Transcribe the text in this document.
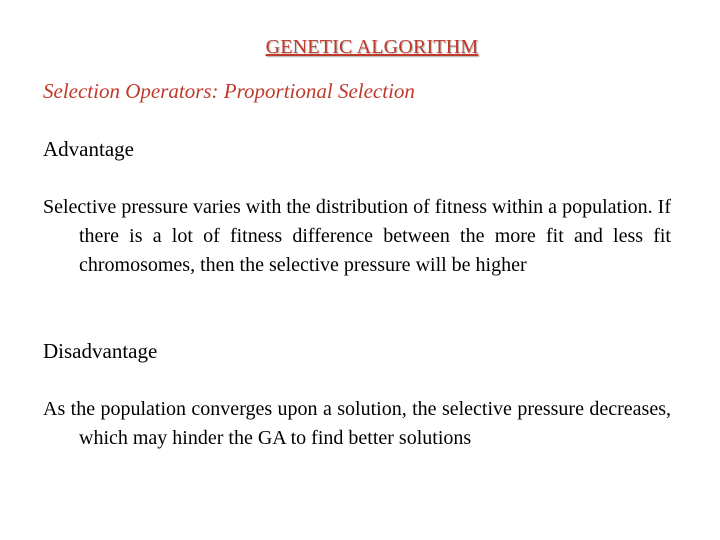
GENETIC ALGORITHM
Selection Operators: Proportional Selection
Advantage
Selective pressure varies with the distribution of fitness within a population. If there is a lot of fitness difference between the more fit and less fit chromosomes, then the selective pressure will be higher
Disadvantage
As the population converges upon a solution, the selective pressure decreases, which may hinder the GA to find better solutions
